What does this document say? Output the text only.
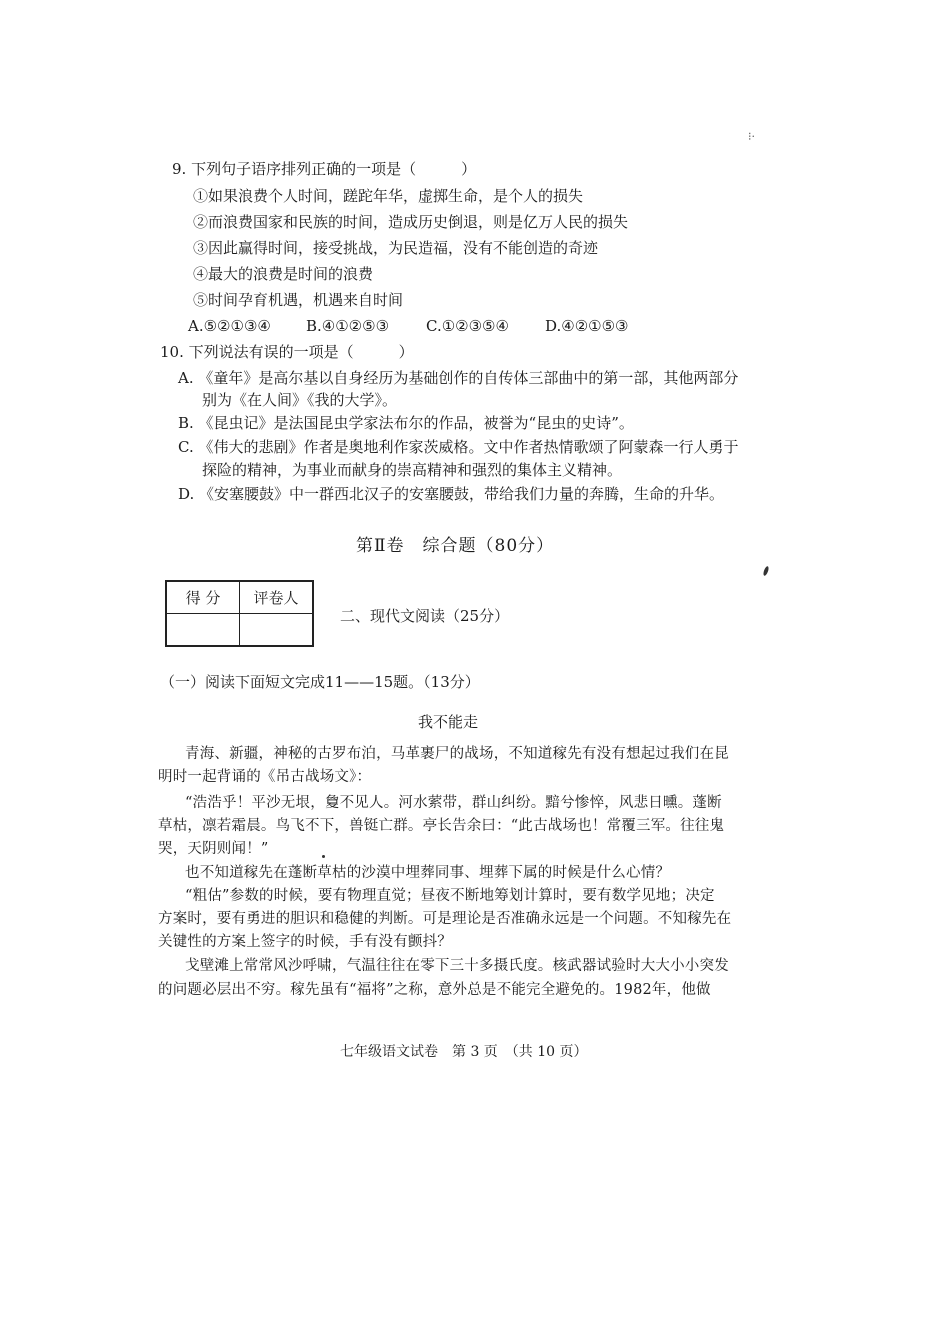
⁝·
9. 下列句子语序排列正确的一项是（　　　）
①如果浪费个人时间，蹉跎年华，虚掷生命，是个人的损失
②而浪费国家和民族的时间，造成历史倒退，则是亿万人民的损失
③因此赢得时间，接受挑战，为民造福，没有不能创造的奇迹
④最大的浪费是时间的浪费
⑤时间孕育机遇，机遇来自时间
A.⑤②①③④ B.④①②⑤③ C.①②③⑤④ D.④②①⑤③
10. 下列说法有误的一项是（　　　）
A. 《童年》是高尔基以自身经历为基础创作的自传体三部曲中的第一部，其他两部分
别为《在人间》《我的大学》。
B. 《昆虫记》是法国昆虫学家法布尔的作品，被誉为“昆虫的史诗”。
C. 《伟大的悲剧》作者是奥地利作家茨威格。文中作者热情歌颂了阿蒙森一行人勇于
探险的精神，为事业而献身的崇高精神和强烈的集体主义精神。
D. 《安塞腰鼓》中一群西北汉子的安塞腰鼓，带给我们力量的奔腾，生命的升华。
第Ⅱ卷　综合题（80分）
得 分	评卷人

二、现代文阅读（25分）
（一）阅读下面短文完成11——15题。（13分）
我不能走
青海、新疆，神秘的古罗布泊，马革裹尸的战场，不知道稼先有没有想起过我们在昆
明时一起背诵的《吊古战场文》：
“浩浩乎！平沙无垠，敻不见人。河水萦带，群山纠纷。黯兮惨悴，风悲日曛。蓬断
草枯，凛若霜晨。鸟飞不下，兽铤亡群。亭长告余曰：“此古战场也！常覆三军。往往鬼
哭，天阴则闻！”
也不知道稼先在蓬断草枯的沙漠中埋葬同事、埋葬下属的时候是什么心情？
“粗估”参数的时候，要有物理直觉；昼夜不断地筹划计算时，要有数学见地；决定
方案时，要有勇进的胆识和稳健的判断。可是理论是否准确永远是一个问题。不知稼先在
关键性的方案上签字的时候，手有没有颤抖？
戈壁滩上常常风沙呼啸，气温往往在零下三十多摄氏度。核武器试验时大大小小突发
的问题必层出不穷。稼先虽有“福将”之称，意外总是不能完全避免的。1982年，他做
七年级语文试卷　第 3 页　（共 10 页）
